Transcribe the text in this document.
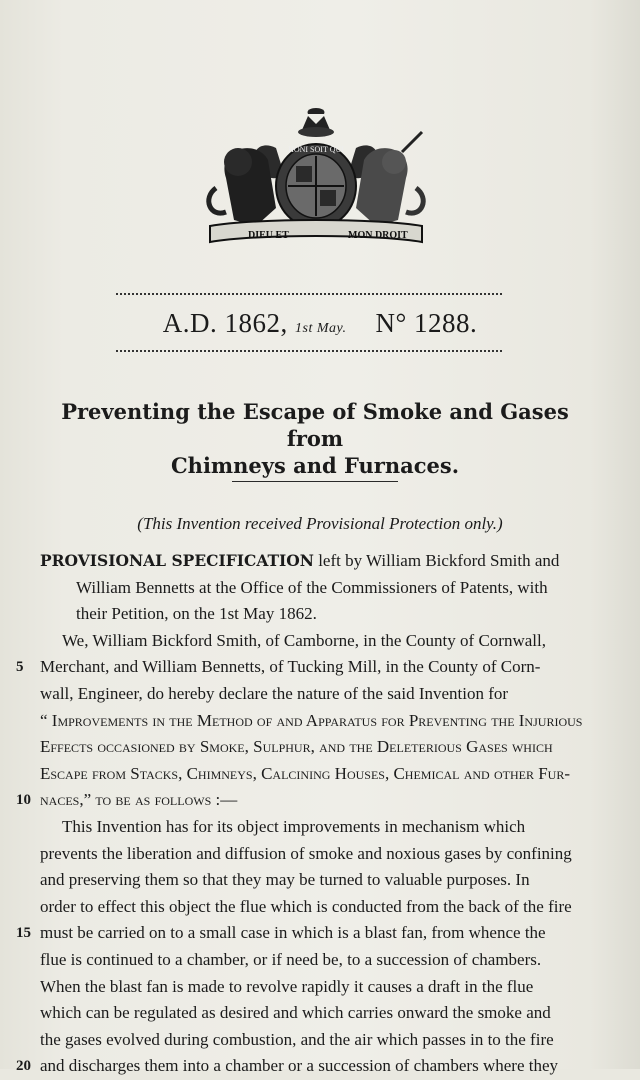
HONI SOIT QUI
DIEU ET	MON DROIT
A.D. 1862, 1st May. N° 1288.
Preventing the Escape of Smoke and Gases from
Chimneys and Furnaces.
(This Invention received Provisional Protection only.)
PROVISIONAL SPECIFICATION left by William Bickford Smith and
William Bennetts at the Office of the Commissioners of Patents, with
their Petition, on the 1st May 1862.
We, William Bickford Smith, of Camborne, in the County of Cornwall,
5 Merchant, and William Bennetts, of Tucking Mill, in the County of Corn-
wall, Engineer, do hereby declare the nature of the said Invention for
“ Improvements in the Method of and Apparatus for Preventing the Injurious
Effects occasioned by Smoke, Sulphur, and the Deleterious Gases which
Escape from Stacks, Chimneys, Calcining Houses, Chemical and other Fur-
10 naces,” to be as follows :—
This Invention has for its object improvements in mechanism which
prevents the liberation and diffusion of smoke and noxious gases by confining
and preserving them so that they may be turned to valuable purposes. In
order to effect this object the flue which is conducted from the back of the fire
15 must be carried on to a small case in which is a blast fan, from whence the
flue is continued to a chamber, or if need be, to a succession of chambers.
When the blast fan is made to revolve rapidly it causes a draft in the flue
which can be regulated as desired and which carries onward the smoke and
the gases evolved during combustion, and the air which passes in to the fire
20 and discharges them into a chamber or a succession of chambers where they
